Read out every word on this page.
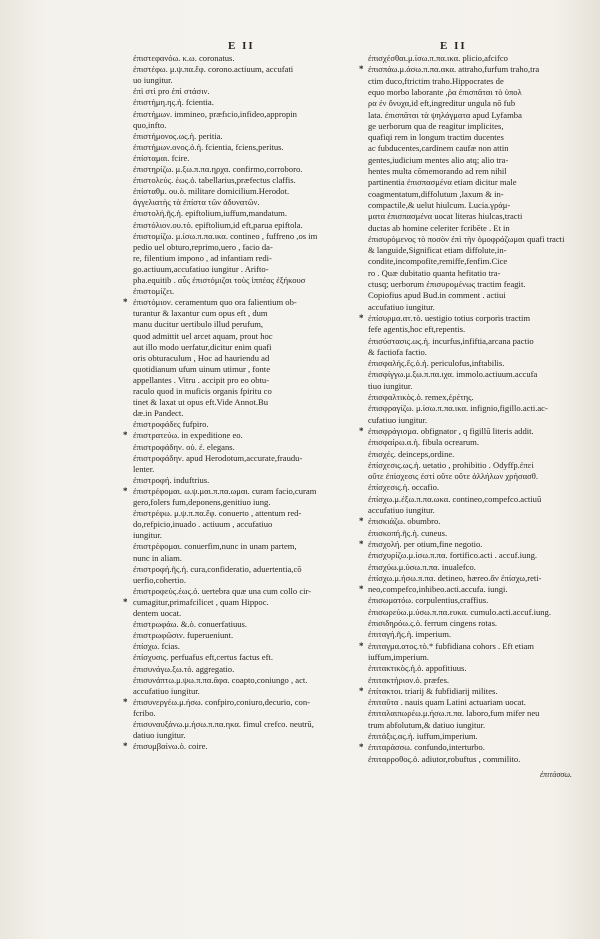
E II	E II

ἐπιστεφανόω. κ.ω. coronatus.

ἐπιστέφω. μ.ψ.πα.ἔφ. corono.actiuum, accufati

uo iungitur.

ἐπὶ στὶ pro ἐπὶ στάσιν.

ἐπιστήμη.ης.ἡ. fcientia.

ἐπιστήμων. immineo, præfıcio,infideo,appropin

quo,infto.

ἐπιστήμονος.ως.ἡ. peritia.

ἐπιστήμων.ονος.ὁ.ἡ. fcientia, fciens,peritus.

ἐπίσταμαι. fcire.

ἐπιστηρίζω. μ.ξω.π.πα.ηρχα. confirmo,corroboro.

ἐπιστολεύς. έως.ὁ. tabellarius,præfectus claffis.

ἐπίσταθμ. ου.ὁ. militare domicilium.Herodot.

ἀγγελιατὴς τὰ ἐπίστα τῶν ἀδυνατῶν.

ἐπιστολή.ῆς.ἡ. epiftolium,iuffum,mandatum.

ἐπιστόλιον.ου.τὸ. epiftolium,id eft,parua epiftola.

ἐπιστομίζω. μ.ίσω.π.πα.ικα. contineo , fuffreno ,os im

pedio uel obturo,reprimo,uero , facio da-

re, filentium impono , ad infantiam redi-

go.actiuum,accufatiuo iungitur . Arifto-

pha.equitib . αὖς ἐπιστόμιζαι τοὺς ἱππέας ἐξήκουσ

ἐπιστομίζει.

* ἐπιστόμιον. ceramentum quo ora falientium ob-

turantur & laxantur cum opus eft , dum

manu ducitur uertibulo illud perufum,

quod admittit uel arcet aquam, prout hoc

aut illo modo uerfatur,dicitur enim quafi

oris obturaculum , Hoc ad hauriendu ad

quotidianum ufum uinum utimur , fonte

appellantes . Vitru . accipit pro eo obtu-

raculo quod in muficis organis fpiritu co

tinet & laxat ut opus eft.Vide Annot.Bu

dæ.in Pandect.

ἐπιστροφάδες fufpiro.

* ἐπιστρατεύω. in expeditione eo.

ἐπιστροφάδην. οὐ. ἐ. elegans.

ἐπιστροφάδην. apud Herodotum,accurate,fraudu-

lenter.

ἐπιστροφή. induftrius.

* ἐπιστρέφομαι. ω.ψ.μαι.π.πα.ωμαι. curam facio,curam

gero,folers fum,deponens,genitiuo iung.

ἐπιστρέφω. μ.ψ.π.πα.ἔφ. conuerto , attentum red-

do,refpicio,inuado . actiuum , accufatiuo

iungitur.

ἐπιστρέφομαι. conuerfim,nunc in unam partem,

nunc in aliam.

ἐπιστροφή.ῆς.ἡ. cura,confideratio, aduertentia,cō

uerfio,cohertio.

ἐπιστροφεὺς.έως.ὁ. uertebra quæ una cum collo cir-

* cumagitur,primafcilicet , quam Hippoc.

dentem uocat.

ἐπιστρωφάω. &.ὁ. conuerfatiuus.

ἐπιστρωφῶσιν. fuperueniunt.

ἐπίσχω. fcias.

ἐπίσχυσις. perfuafus eft,certus factus eft.

ἐπισυνάγω.ξω.τὸ. aggregatio.

ἐπισυνάπτω.μ.ψω.π.πα.ᾶφα. coapto,coniungo , act.

accufatiuo iungitur.

* ἐπισυνεργέω.μ.ήσω. confpiro,coniuro,decurio, con-

fcribo.

ἐπισυναυξάνω.μ.ήσω.π.πα.ηκα. fimul crefco. neutrū,

datiuo iungitur.

* ἐπισυμβαίνω.ὁ. coire.

ἐπισχέσθαι.μ.ίσω.π.πα.ικα. plicio,afcifco

* ἐπισπάω.μ.άσω.π.πα.ακα. attraho,furfum traho,tra

ctim duco,ftrictim traho.Hippocrates de

equo morbo laborante ,ῥα ἐπισπᾶται τὸ ὑπολ

ρα ἐν ὄνυχα,id eft,ingreditur ungula nō fub

lata. ἐπισπᾶται τὰ ψηλάγματα apud Lyfamba

ge uerborum qua de reagitur implicites,

quafiqi rem in longum tractim ducentes

ac fubducentes,cardinem caufæ non attin

gentes,iudicium mentes alio atq; alio tra-

hentes multa cōmemorando ad rem nihil

partinentia ἐπισπασμένα etiam dicitur male

coagmentatum,diffolutum ,laxum & in-

compactile,& uelut hiulcum. Lucia.γράμ-

ματα ἐπισπασμένα uocat literas hiulcas,tracti

ductas ab homine celeriter fcribēte . Et in

ἐπισυρόμενος τὸ ποσὸν ἐπὶ τὴν ὁμοφράζωμαι quafi tracti

& languide,Significat etiam diffolute,in-

condite,incompofite,remiffe,fenfim.Cice

ro . Quæ dubitatio quanta hefitatio tra-

ctusq; uerborum ἐπισυρομένως tractim feagit.

Copiofius apud Bud.in comment . actiui

accufatiuo iungitur.

* ἐπίσυρμα.ατ.τὸ. uestigio totius corporis tractim

fefe agentis,hoc eft,repentis.

ἐπισύστασις.ως.ἡ. incurfus,infiftia,arcana pactio

& factiofa factio.

ἐπισφαλής.ἔς.ὁ.ἡ. periculofus,inftabilis.

ἐπισφίγγω.μ.ξω.π.πα.ιχα. immolo.actiuum.accufa

tiuo iungitur.

ἐπισφαλτικὸς.ὁ. remex,ἐρέτης.

ἐπισφραγίζω. μ.ίσω.π.πα.ικα. infignio,figillo.acti.ac-

cufatiuo iungitur.

* ἐπισφράγισμα. obfignator , q figillū literis addit.

ἐπισφαίρω.α.ἡ. fibula ocrearum.

ἐπισχές. deinceps,ordine.

ἐπίσχεσις.ως.ἡ. uetatio , prohibitio . Odyffp.ἐπεί

οὔτε ἐπίσχεσις ἐστί οὔτε οὔτε ἀλλήλων χρήσασθ.

ἐπίσχεσις.ἡ. occafio.

ἐπίσχω.μ.έξω.π.πα.ωκα. contineo,compefco.actiuū

accufatiuo iungitur.

* ἐπισκιάζω. obumbro.

ἐπισκοπή.ῆς.ἡ. cuneus.

* ἐπισχολή. per otium,fine negotio.

ἐπισχυρίζω.μ.ίσω.π.πα. fortifico.acti . accuf.iung.

ἐπισχύω.μ.ύσω.π.πα. inualefco.

ἐπίσχω.μ.ήσω.π.πα. detineo, hæreo.ἄν ἐπίσχω,reti-

* neo,compefco,inhibeo.acti.accufa. iungi.

ἐπισωματόω. corpulentius,craffius.

ἐπισωρεύω.μ.ύσω.π.πα.ευκα. cumulo.acti.accuf.iung.

ἐπισιδηρόω.ς.ὁ. ferrum cingens rotas.

ἐπιταγή.ῆς.ἡ. imperium.

* ἐπιταγμα.ατος.τὸ.* fubfidiana cohors . Eft etiam

iuffum,imperium.

ἐπιτακτικὸς.ἡ.ὁ. appofitiuus.

ἐπιτακτήριον.ὁ. præfes.

* ἐπίτακτοι. triarij & fubfidiarij milites.

ἐπιταῦτα . nauis quam Latini actuariam uocat.

ἐπιταλαιπωρέω.μ.ήσω.π.πα. laboro,fum mifer neu

trum abfolutum,& datiuo iungitur.

ἐπιτάξις.ας.ἡ. iuffum,imperium.

* ἐπιταράσσω. confundo,interturbo.

ἐπιταρροθος.ὁ. adiutor,robuftus , commilito.

ἐπιτάσσω.
